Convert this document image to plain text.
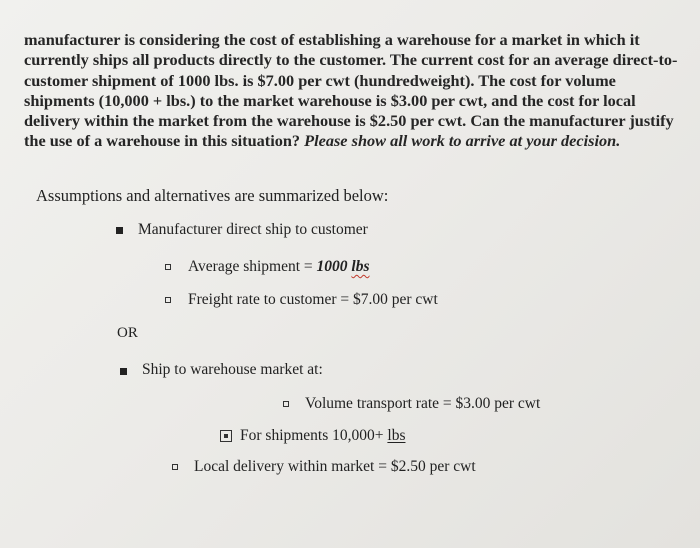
manufacturer is considering the cost of establishing a warehouse for a market in which it
currently ships all products directly to the customer. The current cost for an average direct-to-
customer shipment of 1000 lbs. is $7.00 per cwt (hundredweight). The cost for volume
shipments (10,000 + lbs.) to the market warehouse is $3.00 per cwt, and the cost for local
delivery within the market from the warehouse is $2.50 per cwt. Can the manufacturer justify
the use of a warehouse in this situation? Please show all work to arrive at your decision.
Assumptions and alternatives are summarized below:
Manufacturer direct ship to customer
Average shipment = 1000 lbs
Freight rate to customer = $7.00 per cwt
OR
Ship to warehouse market at:
Volume transport rate = $3.00 per cwt
For shipments 10,000+ lbs
Local delivery within market = $2.50 per cwt
